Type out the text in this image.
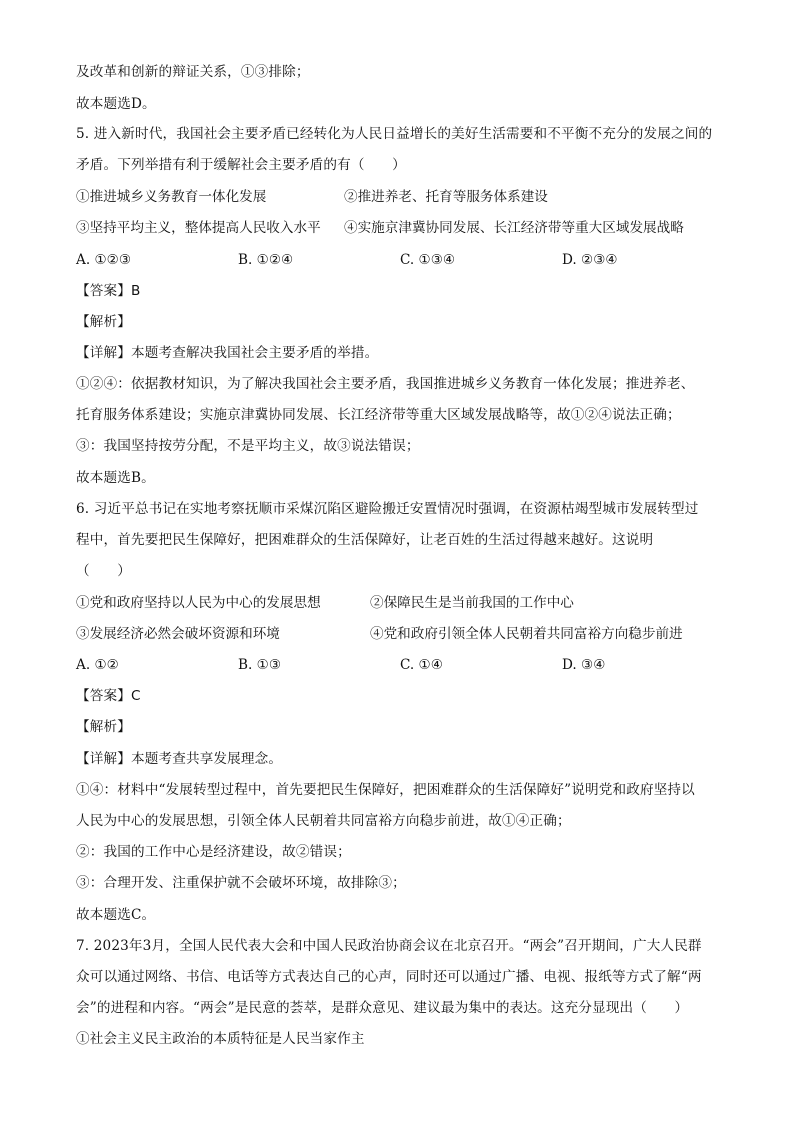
及改革和创新的辩证关系，①③排除；
故本题选D。
5. 进入新时代，我国社会主要矛盾已经转化为人民日益增长的美好生活需要和不平衡不充分的发展之间的
矛盾。下列举措有利于缓解社会主要矛盾的有（　　）
①推进城乡义务教育一体化发展	②推进养老、托育等服务体系建设
③坚持平均主义，整体提高人民收入水平 ④实施京津冀协同发展、长江经济带等重大区域发展战略
A. ①②③	B. ①②④	C. ①③④	D. ②③④
【答案】B
【解析】
【详解】本题考查解决我国社会主要矛盾的举措。
①②④：依据教材知识，为了解决我国社会主要矛盾，我国推进城乡义务教育一体化发展；推进养老、
托育服务体系建设；实施京津冀协同发展、长江经济带等重大区域发展战略等，故①②④说法正确；
③：我国坚持按劳分配，不是平均主义，故③说法错误；
故本题选B。
6. 习近平总书记在实地考察抚顺市采煤沉陷区避险搬迁安置情况时强调，在资源枯竭型城市发展转型过
程中，首先要把民生保障好，把困难群众的生活保障好，让老百姓的生活过得越来越好。这说明
（　　）
①党和政府坚持以人民为中心的发展思想	②保障民生是当前我国的工作中心
③发展经济必然会破坏资源和环境	④党和政府引领全体人民朝着共同富裕方向稳步前进
A. ①②	B. ①③	C. ①④	D. ③④
【答案】C
【解析】
【详解】本题考查共享发展理念。
①④：材料中“发展转型过程中，首先要把民生保障好，把困难群众的生活保障好”说明党和政府坚持以
人民为中心的发展思想，引领全体人民朝着共同富裕方向稳步前进，故①④正确；
②：我国的工作中心是经济建设，故②错误；
③：合理开发、注重保护就不会破坏环境，故排除③；
故本题选C。
7. 2023年3月，全国人民代表大会和中国人民政治协商会议在北京召开。“两会”召开期间，广大人民群
众可以通过网络、书信、电话等方式表达自己的心声，同时还可以通过广播、电视、报纸等方式了解“两
会”的进程和内容。“两会”是民意的荟萃，是群众意见、建议最为集中的表达。这充分显现出（　　）
①社会主义民主政治的本质特征是人民当家作主
